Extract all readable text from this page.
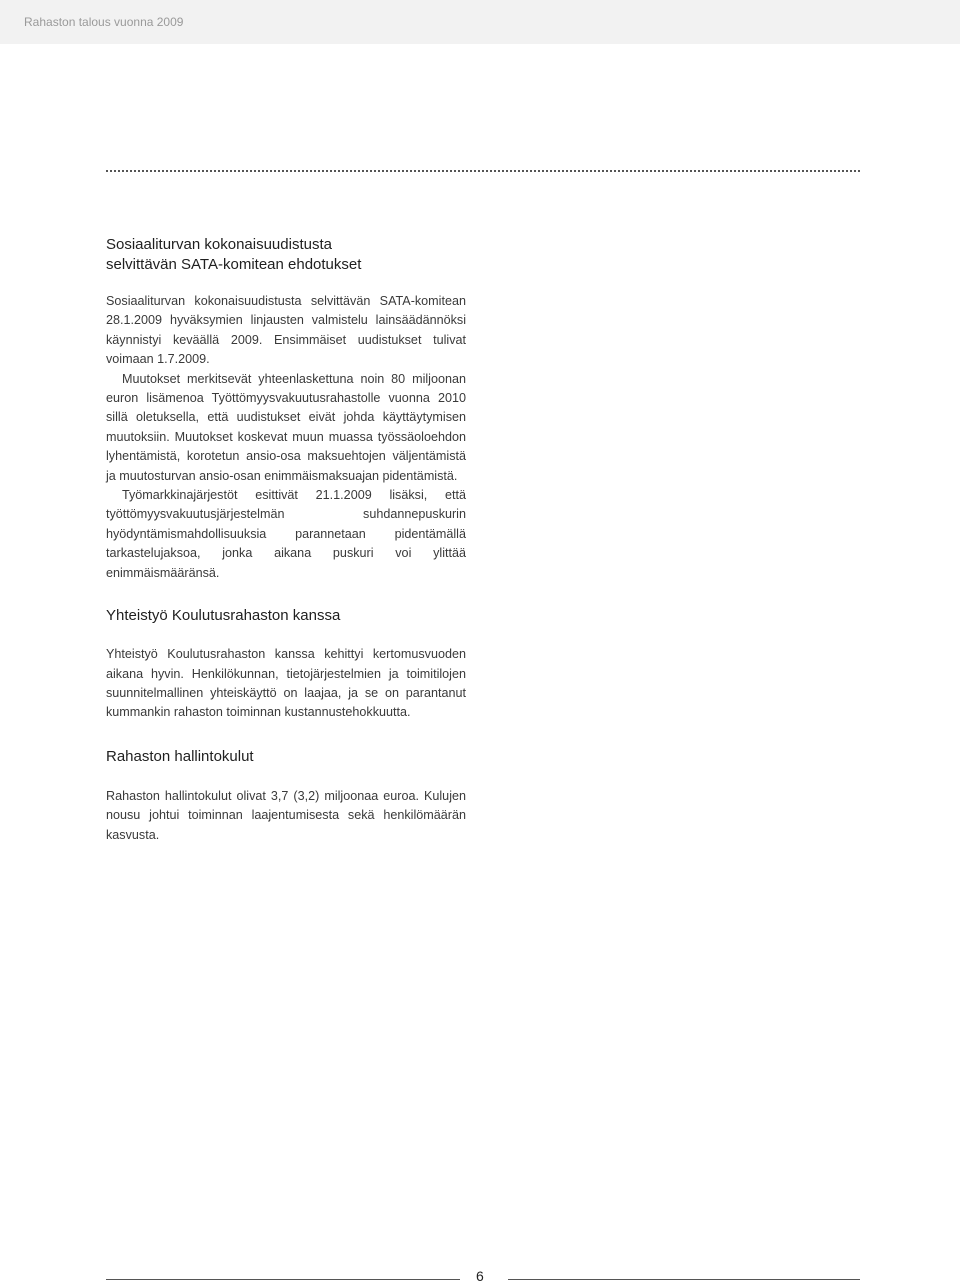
Rahaston talous vuonna 2009
Sosiaaliturvan kokonaisuudistusta
selvittävän SATA-komitean ehdotukset

Sosiaaliturvan kokonaisuudistusta selvittävän SATA-komitean 28.1.2009 hyväksymien linjausten valmistelu lainsäädännöksi käynnistyi keväällä 2009. Ensimmäiset uudistukset tulivat voimaan 1.7.2009.

Muutokset merkitsevät yhteenlaskettuna noin 80 miljoonan euron lisämenoa Työttömyysvakuutusrahastolle vuonna 2010 sillä oletuksella, että uudistukset eivät johda käyttäytymisen muutoksiin. Muutokset koskevat muun muassa työssäoloehdon lyhentämistä, korotetun ansio-osa maksuehtojen väljentämistä ja muutosturvan ansio-osan enimmäismaksuajan pidentämistä.

Työmarkkinajärjestöt esittivät 21.1.2009 lisäksi, että työttömyysvakuutusjärjestelmän suhdannepuskurin hyödyntämismahdollisuuksia parannetaan pidentämällä tarkastelujaksoa, jonka aikana puskuri voi ylittää enimmäismääränsä.

Yhteistyö Koulutusrahaston kanssa

Yhteistyö Koulutusrahaston kanssa kehittyi kertomusvuoden aikana hyvin. Henkilökunnan, tietojärjestelmien ja toimitilojen suunnitelmallinen yhteiskäyttö on laajaa, ja se on parantanut kummankin rahaston toiminnan kustannustehokkuutta.

Rahaston hallintokulut

Rahaston hallintokulut olivat 3,7 (3,2) miljoonaa euroa. Kulujen nousu johtui toiminnan laajentumisesta sekä henkilömäärän kasvusta.

6
